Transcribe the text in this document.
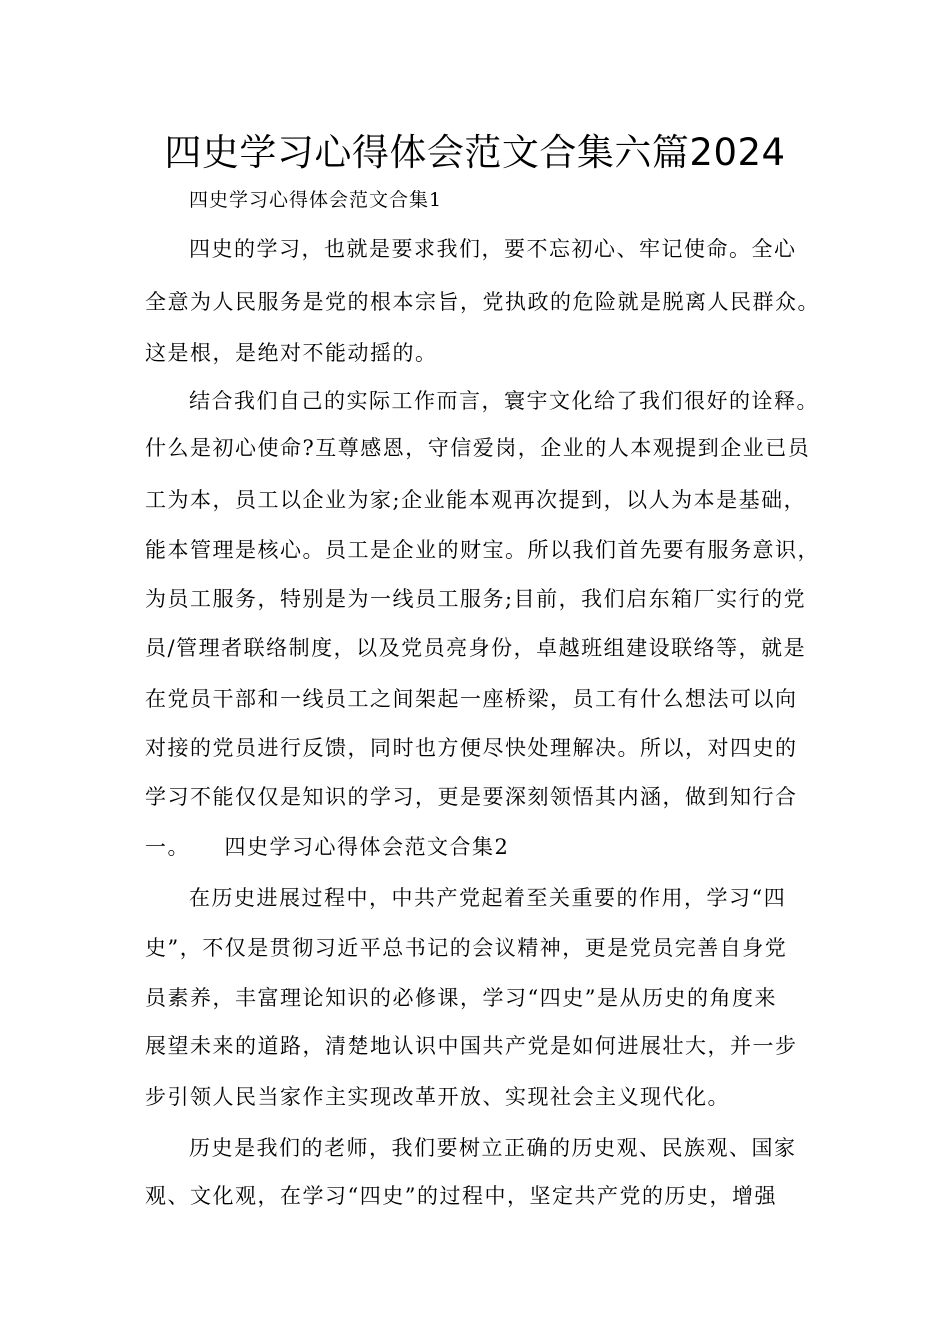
四史学习心得体会范文合集六篇2024
四史学习心得体会范文合集1
四史的学习，也就是要求我们，要不忘初心、牢记使命。全心
全意为人民服务是党的根本宗旨，党执政的危险就是脱离人民群众。
这是根，是绝对不能动摇的。
结合我们自己的实际工作而言，寰宇文化给了我们很好的诠释。
什么是初心使命?互尊感恩，守信爱岗，企业的人本观提到企业已员
工为本，员工以企业为家;企业能本观再次提到，以人为本是基础，
能本管理是核心。员工是企业的财宝。所以我们首先要有服务意识，
为员工服务，特别是为一线员工服务;目前，我们启东箱厂实行的党
员/管理者联络制度，以及党员亮身份，卓越班组建设联络等，就是
在党员干部和一线员工之间架起一座桥梁，员工有什么想法可以向
对接的党员进行反馈，同时也方便尽快处理解决。所以，对四史的
学习不能仅仅是知识的学习，更是要深刻领悟其内涵，做到知行合
一。　　四史学习心得体会范文合集2
在历史进展过程中，中共产党起着至关重要的作用，学习“四
史”，不仅是贯彻习近平总书记的会议精神，更是党员完善自身党
员素养，丰富理论知识的必修课，学习“四史”是从历史的角度来
展望未来的道路，清楚地认识中国共产党是如何进展壮大，并一步
步引领人民当家作主实现改革开放、实现社会主义现代化。
历史是我们的老师，我们要树立正确的历史观、民族观、国家
观、文化观，在学习“四史”的过程中，坚定共产党的历史，增强
